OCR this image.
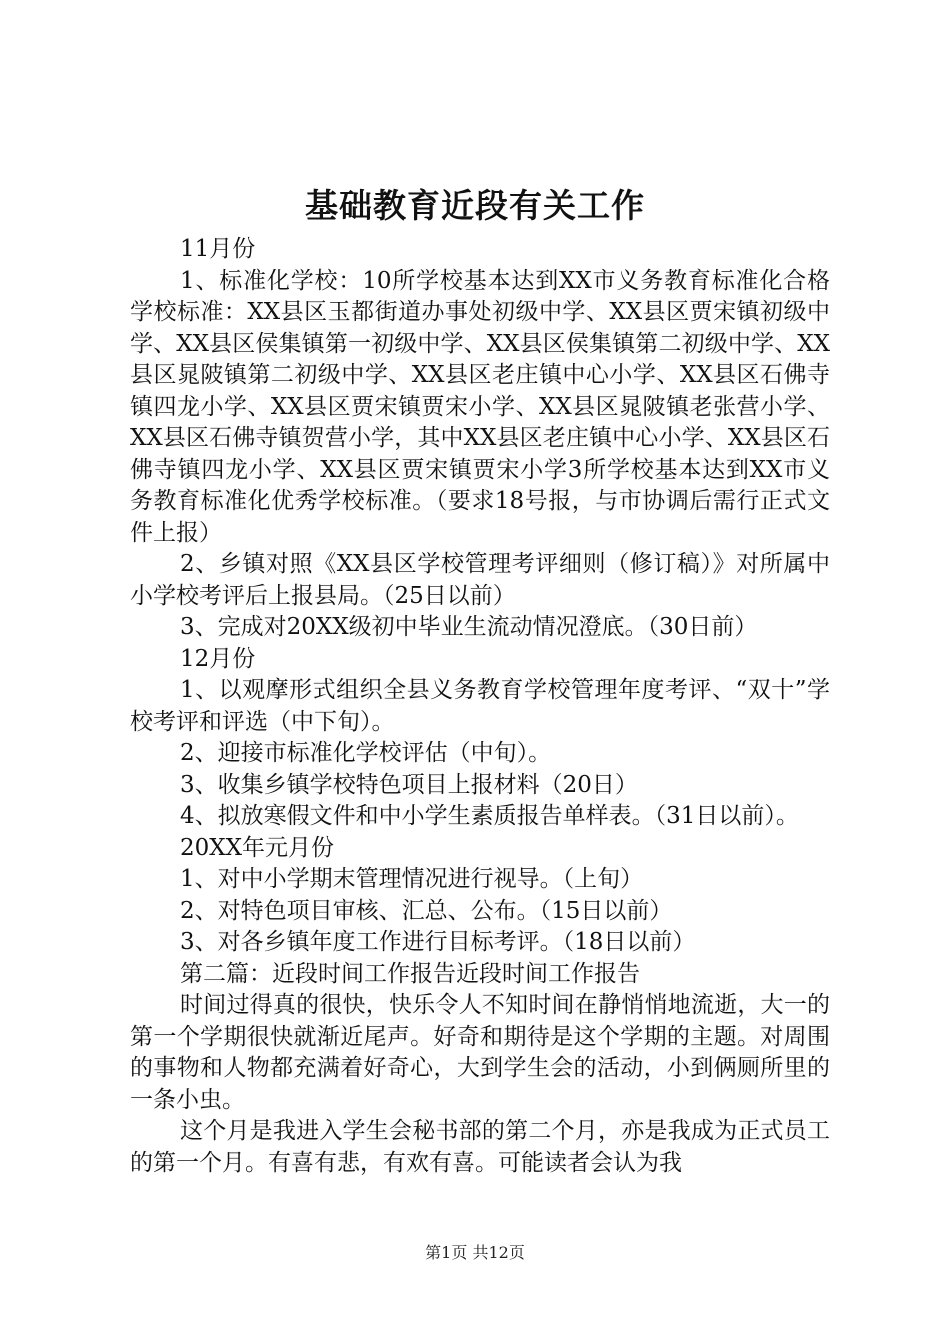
基础教育近段有关工作

11月份

1、标准化学校：10所学校基本达到XX市义务教育标准化合格学校标准：XX县区玉都街道办事处初级中学、XX县区贾宋镇初级中学、XX县区侯集镇第一初级中学、XX县区侯集镇第二初级中学、XX县区晁陂镇第二初级中学、XX县区老庄镇中心小学、XX县区石佛寺镇四龙小学、XX县区贾宋镇贾宋小学、XX县区晁陂镇老张营小学、XX县区石佛寺镇贺营小学，其中XX县区老庄镇中心小学、XX县区石佛寺镇四龙小学、XX县区贾宋镇贾宋小学3所学校基本达到XX市义务教育标准化优秀学校标准。（要求18号报，与市协调后需行正式文件上报）

2、乡镇对照《XX县区学校管理考评细则（修订稿）》对所属中小学校考评后上报县局。（25日以前）

3、完成对20XX级初中毕业生流动情况澄底。（30日前）

12月份

1、以观摩形式组织全县义务教育学校管理年度考评、“双十”学校考评和评选（中下旬）。

2、迎接市标准化学校评估（中旬）。

3、收集乡镇学校特色项目上报材料（20日）

4、拟放寒假文件和中小学生素质报告单样表。（31日以前）。

20XX年元月份

1、对中小学期末管理情况进行视导。（上旬）

2、对特色项目审核、汇总、公布。（15日以前）

3、对各乡镇年度工作进行目标考评。（18日以前）

第二篇：近段时间工作报告近段时间工作报告

时间过得真的很快，快乐令人不知时间在静悄悄地流逝，大一的第一个学期很快就渐近尾声。好奇和期待是这个学期的主题。对周围的事物和人物都充满着好奇心，大到学生会的活动，小到俩厕所里的一条小虫。

这个月是我进入学生会秘书部的第二个月，亦是我成为正式员工的第一个月。有喜有悲，有欢有喜。可能读者会认为我

第1页 共12页
